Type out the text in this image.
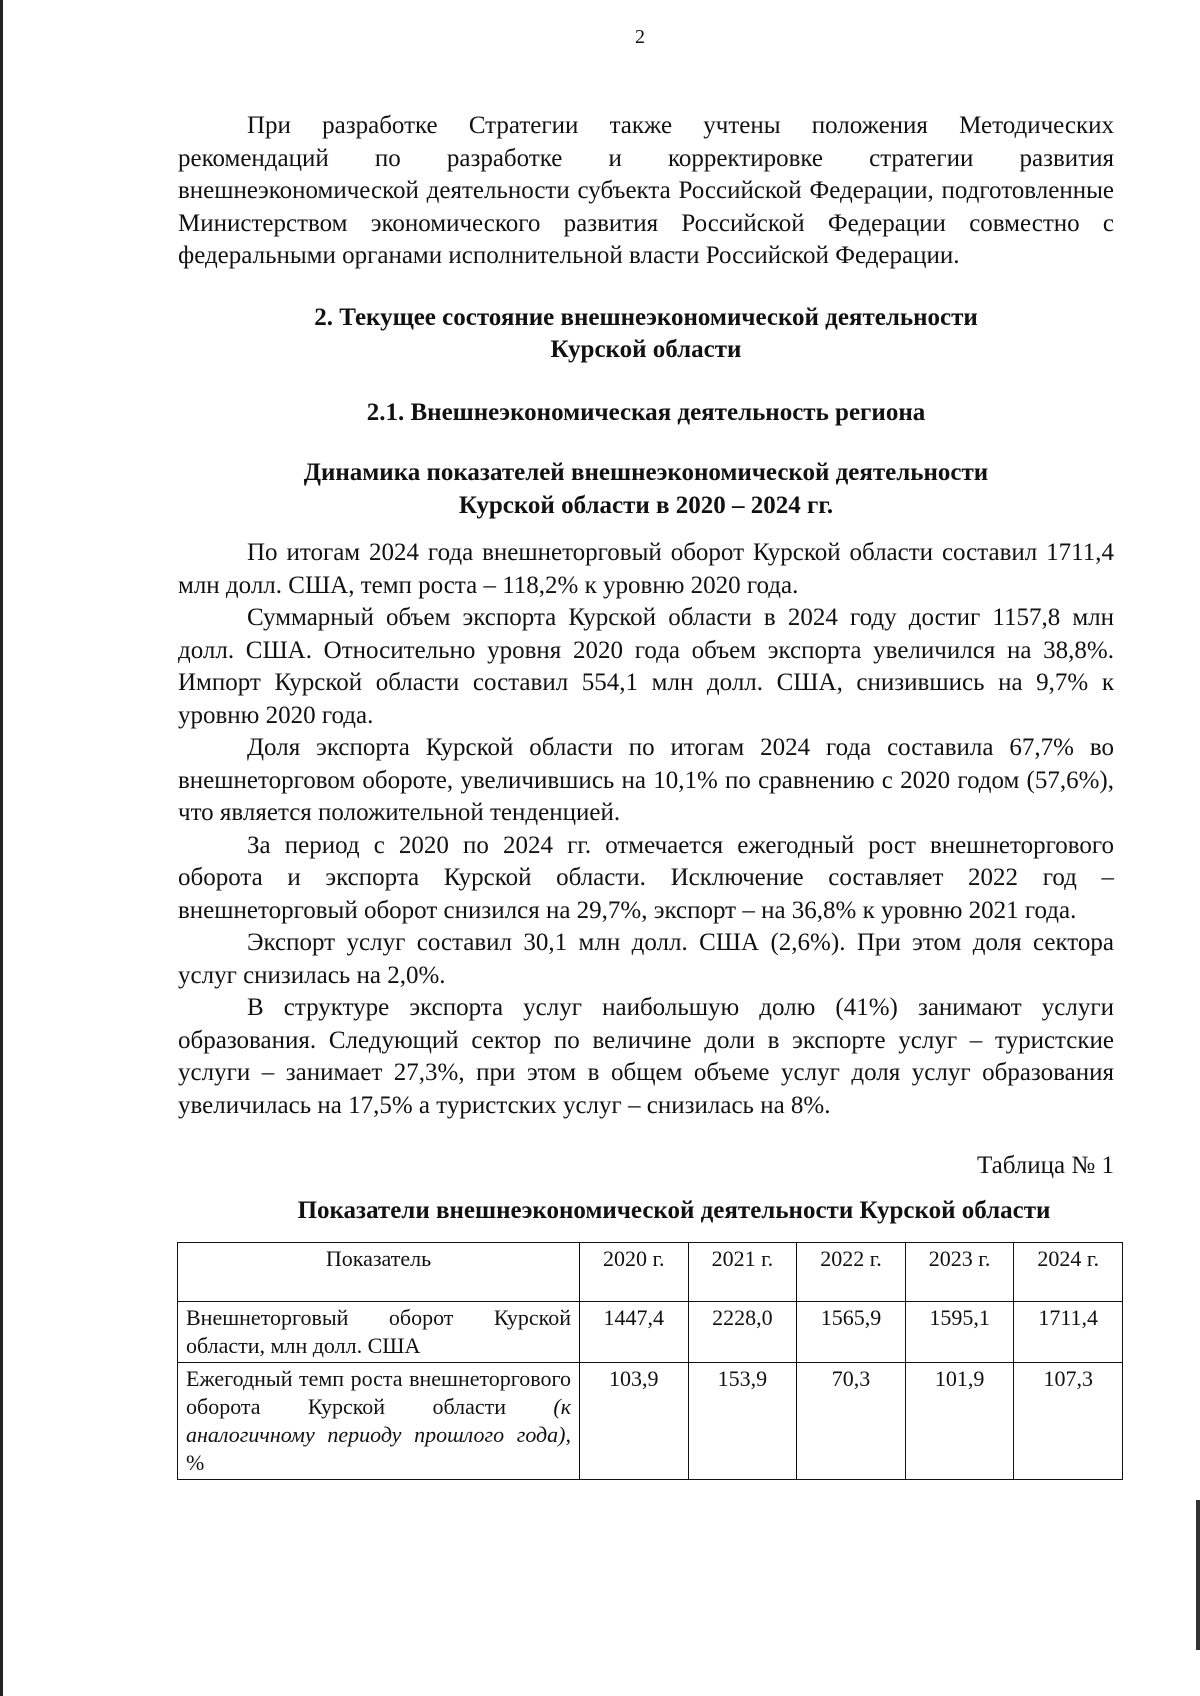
2

При разработке Стратегии также учтены положения Методических рекомендаций по разработке и корректировке стратегии развития внешнеэкономической деятельности субъекта Российской Федерации, подготовленные Министерством экономического развития Российской Федерации совместно с федеральными органами исполнительной власти Российской Федерации.

2. Текущее состояние внешнеэкономической деятельности
Курской области
2.1. Внешнеэкономическая деятельность региона
Динамика показателей внешнеэкономической деятельности
Курской области в 2020 – 2024 гг.

По итогам 2024 года внешнеторговый оборот Курской области составил 1711,4 млн долл. США, темп роста – 118,2% к уровню 2020 года.

Суммарный объем экспорта Курской области в 2024 году достиг 1157,8 млн долл. США. Относительно уровня 2020 года объем экспорта увеличился на 38,8%. Импорт Курской области составил 554,1 млн долл. США, снизившись на 9,7% к уровню 2020 года.

Доля экспорта Курской области по итогам 2024 года составила 67,7% во внешнеторговом обороте, увеличившись на 10,1% по сравнению с 2020 годом (57,6%), что является положительной тенденцией.

За период с 2020 по 2024 гг. отмечается ежегодный рост внешнеторгового оборота и экспорта Курской области. Исключение составляет 2022 год – внешнеторговый оборот снизился на 29,7%, экспорт – на 36,8% к уровню 2021 года.

Экспорт услуг составил 30,1 млн долл. США (2,6%). При этом доля сектора услуг снизилась на 2,0%.

В структуре экспорта услуг наибольшую долю (41%) занимают услуги образования. Следующий сектор по величине доли в экспорте услуг – туристские услуги – занимает 27,3%, при этом в общем объеме услуг доля услуг образования увеличилась на 17,5% а туристских услуг – снизилась на 8%.

Таблица № 1
Показатели внешнеэкономической деятельности Курской области
Показатель	2020 г.	2021 г.	2022 г.	2023 г.	2024 г.
Внешнеторговый оборот Курской области, млн долл. США	1447,4	2228,0	1565,9	1595,1	1711,4
Ежегодный темп роста внешнеторгового оборота Курской области (к аналогичному периоду прошлого года), %	103,9	153,9	70,3	101,9	107,3
